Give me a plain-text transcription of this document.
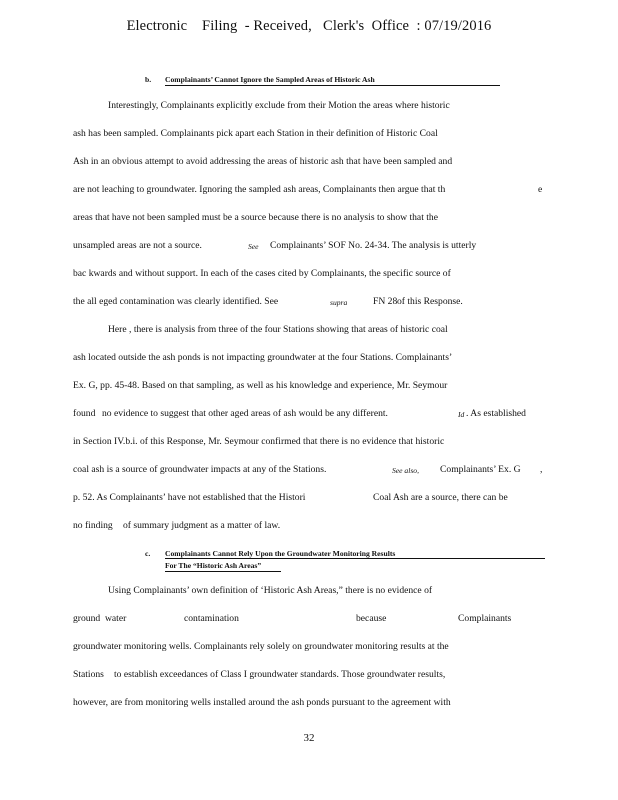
Electronic    Filing  - Received,   Clerk's  Office  : 07/19/2016
b. Complainants’ Cannot Ignore the Sampled Areas of Historic Ash
Interestingly, Complainants explicitly exclude from their Motion the areas where historic
ash has been sampled. Complainants pick apart each Station in their definition of Historic Coal
Ash in an obvious attempt to avoid addressing the areas of historic ash that have been sampled and
are not leaching to groundwater. Ignoring the sampled ash areas, Complainants then argue that th	e
areas that have not been sampled must be a source because there is no analysis to show that the
unsampled areas are not a source.	See Complainants’ SOF No. 24-34. The analysis is utterly
bac kwards and without support. In each of the cases cited by Complainants, the specific source of
the all eged contamination was clearly identified. See	supra	FN 28 of this Response.
Here , there is analysis from three of the four Stations showing that areas of historic coal
ash located outside the ash ponds is not impacting groundwater at the four Stations. Complainants’
Ex. G, pp. 45-48. Based on that sampling, as well as his knowledge and experience, Mr. Seymour
found no evidence to suggest that other aged areas of ash would be any different.	Id . As established
in Section IV.b.i. of this Response, Mr. Seymour confirmed that there is no evidence that historic
coal ash is a source of groundwater impacts at any of the Stations.	See also, Complainants’ Ex. G ,
p. 52. As Complainants’ have not established that the Histori	Coal Ash are a source, there can be
no finding of summary judgment as a matter of law.
c. Complainants Cannot Rely Upon the Groundwater Monitoring Results
For The “Historic Ash Areas”
Using Complainants’ own definition of ‘Historic Ash Areas,” there is no evidence of
ground water	contamination	because	Complainants
groundwater monitoring wells. Complainants rely solely on groundwater monitoring results at the
Stations to establish exceedances of Class I groundwater standards. Those groundwater results,
however, are from monitoring wells installed around the ash ponds pursuant to the agreement with
32
